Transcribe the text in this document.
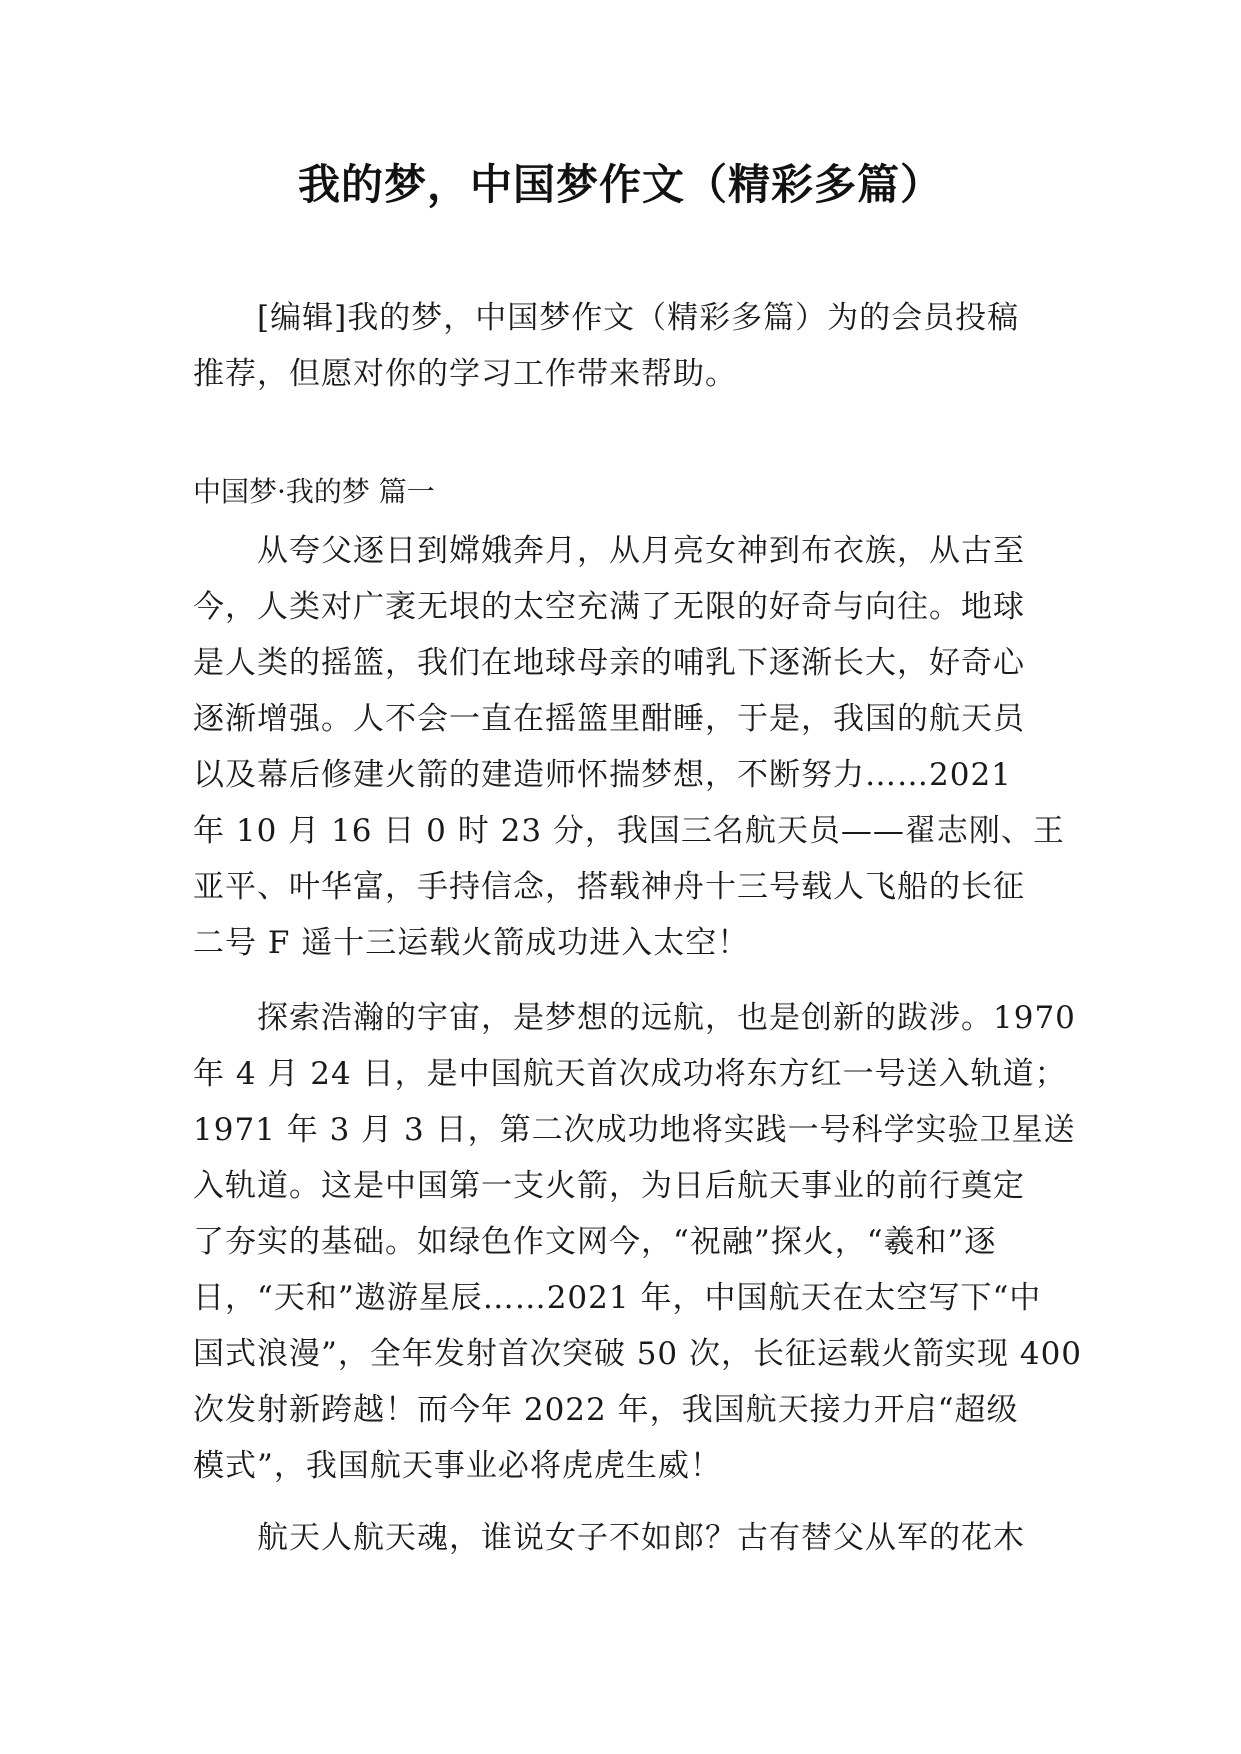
我的梦，中国梦作文（精彩多篇）
[编辑]我的梦，中国梦作文（精彩多篇）为的会员投稿
推荐，但愿对你的学习工作带来帮助。
中国梦·我的梦 篇一
从夸父逐日到嫦娥奔月，从月亮女神到布衣族，从古至
今，人类对广袤无垠的太空充满了无限的好奇与向往。地球
是人类的摇篮，我们在地球母亲的哺乳下逐渐长大，好奇心
逐渐增强。人不会一直在摇篮里酣睡，于是，我国的航天员
以及幕后修建火箭的建造师怀揣梦想，不断努力……2021
年 10 月 16 日 0 时 23 分，我国三名航天员——翟志刚、王
亚平、叶华富，手持信念，搭载神舟十三号载人飞船的长征
二号 F 遥十三运载火箭成功进入太空！
探索浩瀚的宇宙，是梦想的远航，也是创新的跋涉。1970
年 4 月 24 日，是中国航天首次成功将东方红一号送入轨道；
1971 年 3 月 3 日，第二次成功地将实践一号科学实验卫星送
入轨道。这是中国第一支火箭，为日后航天事业的前行奠定
了夯实的基础。如绿色作文网今，“祝融”探火，“羲和”逐
日，“天和”遨游星辰……2021 年，中国航天在太空写下“中
国式浪漫”，全年发射首次突破 50 次，长征运载火箭实现 400
次发射新跨越！而今年 2022 年，我国航天接力开启“超级
模式”，我国航天事业必将虎虎生威！
航天人航天魂，谁说女子不如郎？古有替父从军的花木
